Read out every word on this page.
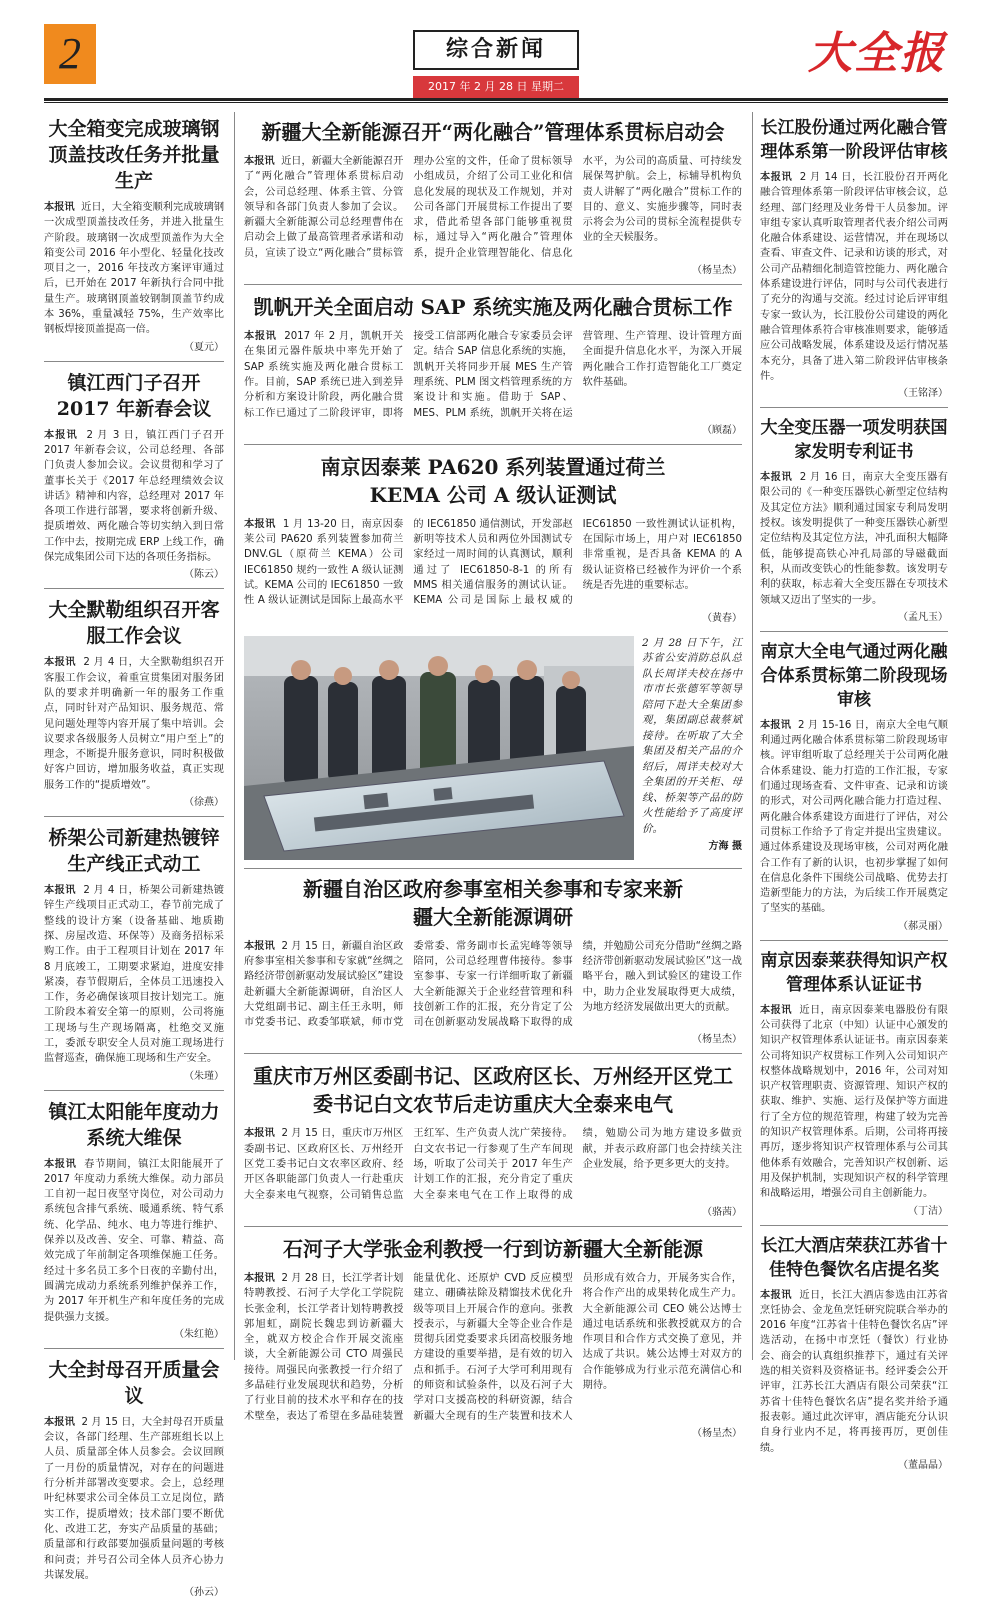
2	综合新闻
2017 年 2 月 28 日 星期二
大全报
大全箱变完成玻璃钢顶盖技改任务并批量生产
本报讯 近日，大全箱变顺利完成玻璃钢一次成型顶盖技改任务，并进入批量生产阶段。玻璃钢一次成型顶盖作为大全箱变公司 2016 年小型化、轻量化技改项目之一，2016 年技改方案评审通过后，已开始在 2017 年新执行合同中批量生产。玻璃钢顶盖较钢制顶盖节约成本 36%，重量减轻 75%，生产效率比钢板焊接顶盖提高一倍。
（夏元）
镇江西门子召开2017 年新春会议
本报讯 2 月 3 日，镇江西门子召开 2017 年新春会议，公司总经理、各部门负责人参加会议。会议贯彻和学习了董事长关于《2017 年总经理绩效会议讲话》精神和内容，总经理对 2017 年各项工作进行部署，要求将创新升级、提质增效、两化融合等切实纳入到日常工作中去，按期完成 ERP 上线工作，确保完成集团公司下达的各项任务指标。
（陈云）
大全默勒组织召开客服工作会议
本报讯 2 月 4 日，大全默勒组织召开客服工作会议，着重宣贯集团对服务团队的要求并明确新一年的服务工作重点，同时针对产品知识、服务规范、常见问题处理等内容开展了集中培训。会议要求各级服务人员树立“用户至上”的理念，不断提升服务意识，同时积极做好客户回访，增加服务收益，真正实现服务工作的“提质增效”。
（徐燕）
桥架公司新建热镀锌生产线正式动工
本报讯 2 月 4 日，桥架公司新建热镀锌生产线项目正式动工，春节前完成了整线的设计方案（设备基础、地质勘探、房屋改造、环保等）及商务招标采购工作。由于工程项目计划在 2017 年 8 月底竣工，工期要求紧迫，进度安排紧凑，春节假期后，全体员工迅速投入工作，务必确保该项目按计划完工。施工阶段本着安全第一的原则，公司将施工现场与生产现场隔离，杜绝交叉施工，委派专职安全人员对施工现场进行监督巡查，确保施工现场和生产安全。
（朱瑾）
镇江太阳能年度动力系统大维保
本报讯 春节期间，镇江太阳能展开了 2017 年度动力系统大维保。动力部员工自初一起日夜坚守岗位，对公司动力系统包含排气系统、暖通系统、特气系统、化学品、纯水、电力等进行维护、保养以及改善、安全、可靠、精益、高效完成了年前制定各项维保施工任务。经过十多名员工多个日夜的辛勤付出，圆满完成动力系统系列维护保养工作，为 2017 年开机生产和年度任务的完成提供强力支援。
（朱红艳）
大全封母召开质量会议
本报讯 2 月 15 日，大全封母召开质量会议，各部门经理、生产部班组长以上人员、质量部全体人员参会。会议回顾了一月份的质量情况，对存在的问题进行分析并部署改变要求。会上，总经理叶纪林要求公司全体员工立足岗位，踏实工作，提质增效；技术部门要不断优化、改进工艺，夯实产品质量的基础；质量部和行政部要加强质量问题的考核和问责；并号召公司全体人员齐心协力共谋发展。
（孙云）
长江股份通过两化融合管理体系第一阶段评估审核
本报讯 2 月 14 日，长江股份召开两化融合管理体系第一阶段评估审核会议，总经理、部门经理及业务骨干人员参加。评审组专家认真听取管理者代表介绍公司两化融合体系建设、运营情况，并在现场以查看、审查文件、记录和访谈的形式，对公司产品精细化制造管控能力、两化融合体系建设进行评估，同时与公司代表进行了充分的沟通与交流。经过讨论后评审组专家一致认为，长江股份公司建设的两化融合管理体系符合审核准则要求，能够适应公司战略发展，体系建设及运行情况基本充分，具备了进入第二阶段评估审核条件。
（王铭泽）
大全变压器一项发明获国家发明专利证书
本报讯 2 月 16 日，南京大全变压器有限公司的《一种变压器铁心新型定位结构及其定位方法》顺利通过国家专利局发明授权。该发明提供了一种变压器铁心新型定位结构及其定位方法，冲孔面积大幅降低，能够提高铁心冲孔局部的导磁截面积，从而改变铁心的性能参数。该发明专利的获取，标志着大全变压器在专项技术领域又迈出了坚实的一步。
（孟凡玉）
南京大全电气通过两化融合体系贯标第二阶段现场审核
本报讯 2 月 15-16 日，南京大全电气顺利通过两化融合体系贯标第二阶段现场审核。评审组听取了总经理关于公司两化融合体系建设、能力打造的工作汇报，专家们通过现场查看、文件审查、记录和访谈的形式，对公司两化融合能力打造过程、两化融合体系建设方面进行了评估，对公司贯标工作给予了肯定并提出宝贵建议。通过体系建设及现场审核，公司对两化融合工作有了新的认识，也初步掌握了如何在信息化条件下围绕公司战略、优势去打造新型能力的方法，为后续工作开展奠定了坚实的基础。
（郝灵丽）
南京因泰莱获得知识产权管理体系认证证书
本报讯 近日，南京因泰莱电器股份有限公司获得了北京（中知）认证中心颁发的知识产权管理体系认证证书。南京因泰莱公司将知识产权贯标工作列入公司知识产权整体战略规划中，2016 年，公司对知识产权管理职责、资源管理、知识产权的获取、维护、实施、运行及保护等方面进行了全方位的规范管理，构建了较为完善的知识产权管理体系。后期，公司将再接再厉，逐步将知识产权管理体系与公司其他体系有效融合，完善知识产权创新、运用及保护机制，实现知识产权的科学管理和战略运用，增强公司自主创新能力。
（丁洁）
长江大酒店荣获江苏省十佳特色餐饮名店提名奖
本报讯 近日，长江大酒店参选由江苏省烹饪协会、金龙鱼烹饪研究院联合举办的 2016 年度“江苏省十佳特色餐饮名店”评选活动，在扬中市烹饪（餐饮）行业协会、商会的认真组织推荐下，通过有关评选的相关资料及资格证书。经评委会公开评审，江苏长江大酒店有限公司荣获“江苏省十佳特色餐饮名店”提名奖并给予通报表彰。通过此次评审，酒店能充分认识自身行业内不足，将再接再厉，更创佳绩。
（董晶晶）
新疆大全新能源召开“两化融合”管理体系贯标启动会
本报讯 近日，新疆大全新能源召开了“两化融合”管理体系贯标启动会，公司总经理、体系主管、分管领导和各部门负责人参加了会议。新疆大全新能源公司总经理曹伟在启动会上做了最高管理者承诺和动员，宣读了设立“两化融合”贯标管理办公室的文件，任命了贯标领导小组成员，介绍了公司工业化和信息化发展的现状及工作规划，并对公司各部门开展贯标工作提出了要求，借此希望各部门能够重视贯标，通过导入“两化融合”管理体系，提升企业管理智能化、信息化水平，为公司的高质量、可持续发展保驾护航。会上，标辅导机构负责人讲解了“两化融合”贯标工作的目的、意义、实施步骤等，同时表示将会为公司的贯标全流程提供专业的全天候服务。
（杨呈杰）
凯帆开关全面启动 SAP 系统实施及两化融合贯标工作
本报讯 2017 年 2 月，凯帆开关在集团元器件版块中率先开始了 SAP 系统实施及两化融合贯标工作。目前，SAP 系统已进入到差异分析和方案设计阶段，两化融合贯标工作已通过了二阶段评审，即将接受工信部两化融合专家委员会评定。结合 SAP 信息化系统的实施，凯帆开关将同步开展 MES 生产管理系统、PLM 图文档管理系统的方案设计和实施。借助于 SAP、MES、PLM 系统，凯帆开关将在运营管理、生产管理、设计管理方面全面提升信息化水平，为深入开展两化融合工作打造智能化工厂奠定软件基础。
（顾磊）
南京因泰莱 PA620 系列装置通过荷兰 KEMA 公司 A 级认证测试
本报讯 1 月 13-20 日，南京因泰莱公司 PA620 系列装置参加荷兰 DNV.GL（原荷兰 KEMA）公司 IEC61850 规约一致性 A 级认证测试。KEMA 公司的 IEC61850 一致性 A 级认证测试是国际上最高水平的 IEC61850 通信测试，开发部赵新明等技术人员和两位外国测试专家经过一周时间的认真测试，顺利通过了 IEC61850-8-1 的所有 MMS 相关通信服务的测试认证。KEMA 公司是国际上最权威的 IEC61850 一致性测试认证机构，在国际市场上，用户对 IEC61850 非常重视，是否具备 KEMA 的 A 级认证资格已经被作为评价一个系统是否先进的重要标志。
（黄春）
2 月 28 日下午，江苏省公安消防总队总队长周详夫校在扬中市市长张德军等领导陪同下赴大全集团参观，集团副总裁蔡斌接待。在听取了大全集团及相关产品的介绍后，周详夫校对大全集团的开关柜、母线、桥架等产品的防火性能给予了高度评价。
方海 摄
新疆自治区政府参事室相关参事和专家来新疆大全新能源调研
本报讯 2 月 15 日，新疆自治区政府参事室相关参事和专家就“丝绸之路经济带创新驱动发展试验区”建设赴新疆大全新能源调研，自治区人大党组副书记、副主任王永明，师市党委书记、政委邹联斌，师市党委常委、常务副市长孟宪峰等领导陪同，公司总经理曹伟接待。参事室参事、专家一行详细听取了新疆大全新能源关于企业经营管理和科技创新工作的汇报，充分肯定了公司在创新驱动发展战略下取得的成绩，并勉励公司充分借助“丝绸之路经济带创新驱动发展试验区”这一战略平台，融入到试验区的建设工作中，助力企业发展取得更大成绩，为地方经济发展做出更大的贡献。
（杨呈杰）
重庆市万州区委副书记、区政府区长、万州经开区党工委书记白文农节后走访重庆大全泰来电气
本报讯 2 月 15 日，重庆市万州区委副书记、区政府区长、万州经开区党工委书记白文农率区政府、经开区各职能部门负责人一行赴重庆大全泰来电气视察，公司销售总监王红军、生产负责人沈广荣接待。白文农书记一行参观了生产车间现场，听取了公司关于 2017 年生产计划工作的汇报，充分肯定了重庆大全泰来电气在工作上取得的成绩，勉励公司为地方建设多做贡献，并表示政府部门也会持续关注企业发展，给予更多更大的支持。
（骆茜）
石河子大学张金利教授一行到访新疆大全新能源
本报讯 2 月 28 日，长江学者计划特聘教授、石河子大学化工学院院长张金利，长江学者计划特聘教授郭旭虹，副院长魏忠到访新疆大全，就双方校企合作开展交流座谈，大全新能源公司 CTO 周强民接待。周强民向张教授一行介绍了多晶硅行业发展现状和趋势，分析了行业目前的技术水平和存在的技术壁垒，表达了希望在多晶硅装置能量优化、还原炉 CVD 反应模型建立、硼磷祛除及精馏技术优化升级等项目上开展合作的意向。张教授表示，与新疆大全等企业合作是贯彻兵团党委要求兵团高校服务地方建设的重要举措，是有效的切入点和抓手。石河子大学可利用现有的师资和试验条件，以及石河子大学对口支援高校的科研资源，结合新疆大全现有的生产装置和技术人员形成有效合力，开展务实合作，将合作产出的成果转化成生产力。大全新能源公司 CEO 姚公达博士通过电话系统和张教授就双方的合作项目和合作方式交换了意见，并达成了共识。姚公达博士对双方的合作能够成为行业示范充满信心和期待。
（杨呈杰）
